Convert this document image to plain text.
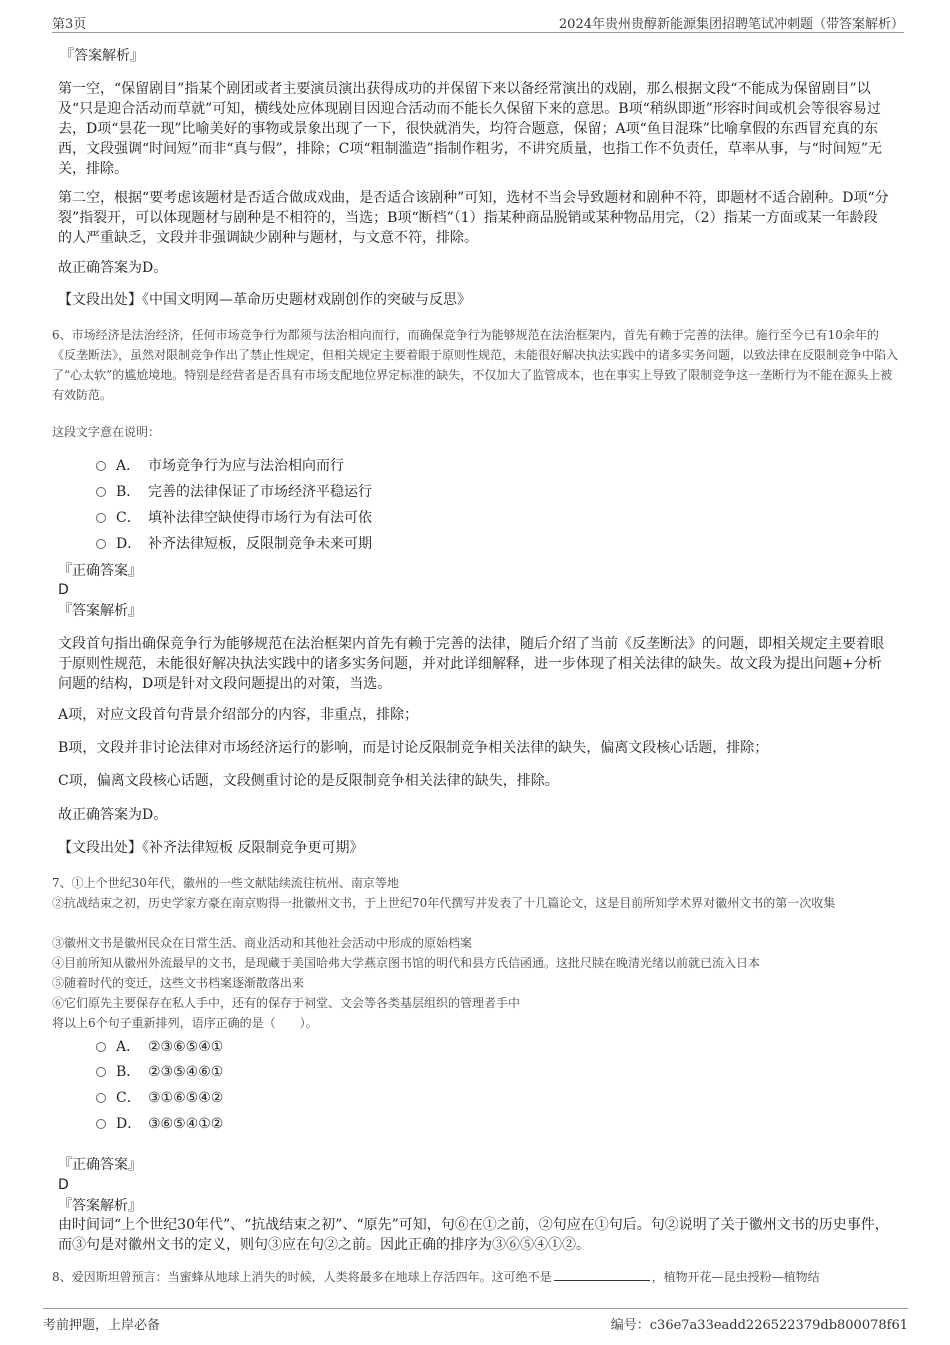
第3页	2024年贵州贵醇新能源集团招聘笔试冲刺题（带答案解析）
『答案解析』
第一空，“保留剧目”指某个剧团或者主要演员演出获得成功的并保留下来以备经常演出的戏剧，那么根据文段“不能成为保留剧目”以及“只是迎合活动而草就”可知，横线处应体现剧目因迎合活动而不能长久保留下来的意思。B项“稍纵即逝”形容时间或机会等很容易过去，D项“昙花一现”比喻美好的事物或景象出现了一下，很快就消失，均符合题意，保留；A项“鱼目混珠”比喻拿假的东西冒充真的东西，文段强调“时间短”而非“真与假”，排除；C项“粗制滥造”指制作粗劣，不讲究质量，也指工作不负责任，草率从事，与“时间短”无关，排除。
第二空，根据“要考虑该题材是否适合做成戏曲，是否适合该剧种”可知，选材不当会导致题材和剧种不符，即题材不适合剧种。D项“分裂”指裂开，可以体现题材与剧种是不相符的，当选；B项“断档”（1）指某种商品脱销或某种物品用完，（2）指某一方面或某一年龄段的人严重缺乏，文段并非强调缺少剧种与题材，与文意不符，排除。
故正确答案为D。
【文段出处】《中国文明网—革命历史题材戏剧创作的突破与反思》
6、市场经济是法治经济，任何市场竞争行为都须与法治相向而行，而确保竞争行为能够规范在法治框架内，首先有赖于完善的法律。施行至今已有10余年的《反垄断法》，虽然对限制竞争作出了禁止性规定，但相关规定主要着眼于原则性规范，未能很好解决执法实践中的诸多实务问题，以致法律在反限制竞争中陷入了“心太软”的尴尬境地。特别是经营者是否具有市场支配地位界定标准的缺失，不仅加大了监管成本，也在事实上导致了限制竞争这一垄断行为不能在源头上被有效防范。
这段文字意在说明：
A． 市场竞争行为应与法治相向而行
B． 完善的法律保证了市场经济平稳运行
C． 填补法律空缺使得市场行为有法可依
D． 补齐法律短板，反限制竞争未来可期
『正确答案』
D
『答案解析』
文段首句指出确保竞争行为能够规范在法治框架内首先有赖于完善的法律，随后介绍了当前《反垄断法》的问题，即相关规定主要着眼于原则性规范，未能很好解决执法实践中的诸多实务问题，并对此详细解释，进一步体现了相关法律的缺失。故文段为提出问题+分析问题的结构，D项是针对文段问题提出的对策，当选。
A项，对应文段首句背景介绍部分的内容，非重点，排除；
B项，文段并非讨论法律对市场经济运行的影响，而是讨论反限制竞争相关法律的缺失，偏离文段核心话题，排除；
C项，偏离文段核心话题，文段侧重讨论的是反限制竞争相关法律的缺失，排除。
故正确答案为D。
【文段出处】《补齐法律短板 反限制竞争更可期》
7、①上个世纪30年代，徽州的一些文献陆续流往杭州、南京等地
②抗战结束之初，历史学家方豪在南京购得一批徽州文书，于上世纪70年代撰写并发表了十几篇论文，这是目前所知学术界对徽州文书的第一次收集
③徽州文书是徽州民众在日常生活、商业活动和其他社会活动中形成的原始档案
④目前所知从徽州外流最早的文书，是现藏于美国哈弗大学燕京图书馆的明代和县方氏信函通。这批尺牍在晚清光绪以前就已流入日本
⑤随着时代的变迁，这些文书档案逐渐散落出来
⑥它们原先主要保存在私人手中，还有的保存于祠堂、文会等各类基层组织的管理者手中
将以上6个句子重新排列，语序正确的是（　　）。
A． ②③⑥⑤④①
B． ②③⑤④⑥①
C． ③①⑥⑤④②
D． ③⑥⑤④①②
『正确答案』
D
『答案解析』
由时间词“上个世纪30年代”、“抗战结束之初”、“原先”可知，句⑥在①之前，②句应在①句后。句②说明了关于徽州文书的历史事件，而③句是对徽州文书的定义，则句③应在句②之前。因此正确的排序为③⑥⑤④①②。
8、爱因斯坦曾预言：当蜜蜂从地球上消失的时候，人类将最多在地球上存活四年。这可绝不是	，植物开花—昆虫授粉—植物结
考前押题，上岸必备	编号：c36e7a33eadd226522379db800078f61
